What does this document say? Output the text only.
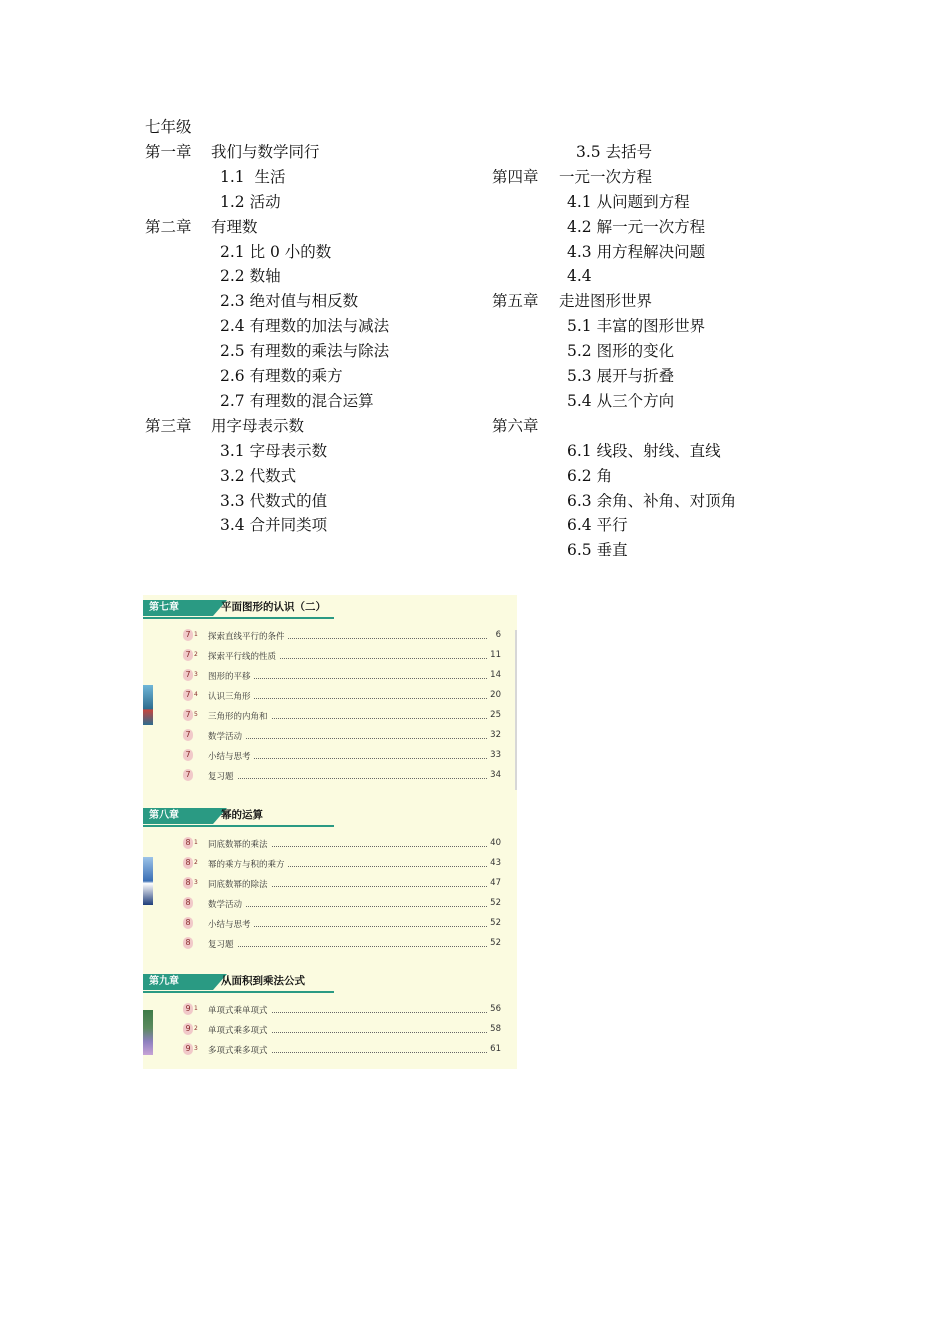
七年级
第一章 我们与数学同行
1.1  生活
1.2 活动
第二章 有理数
2.1 比 0 小的数
2.2 数轴
2.3 绝对值与相反数
2.4 有理数的加法与减法
2.5 有理数的乘法与除法
2.6 有理数的乘方
2.7 有理数的混合运算
第三章 用字母表示数
3.1 字母表示数
3.2 代数式
3.3 代数式的值
3.4 合并同类项
3.5 去括号
第四章 一元一次方程
4.1 从问题到方程
4.2 解一元一次方程
4.3 用方程解决问题
4.4
第五章 走进图形世界
5.1 丰富的图形世界
5.2 图形的变化
5.3 展开与折叠
5.4 从三个方向
第六章
6.1 线段、射线、直线
6.2 角
6.3 余角、补角、对顶角
6.4 平行
6.5 垂直
第七章	平面图形的认识（二）
7 1 探索直线平行的条件	6
7 2 探索平行线的性质	11
7 3 图形的平移	14
7 4 认识三角形	20
7 5 三角形的内角和	25
7 数学活动	32
7 小结与思考	33
7 复习题	34
第八章	幂的运算
8 1 同底数幂的乘法	40
8 2 幂的乘方与积的乘方	43
8 3 同底数幂的除法	47
8 数学活动	52
8 小结与思考	52
8 复习题	52
第九章	从面积到乘法公式
9 1 单项式乘单项式	56
9 2 单项式乘多项式	58
9 3 多项式乘多项式	61
